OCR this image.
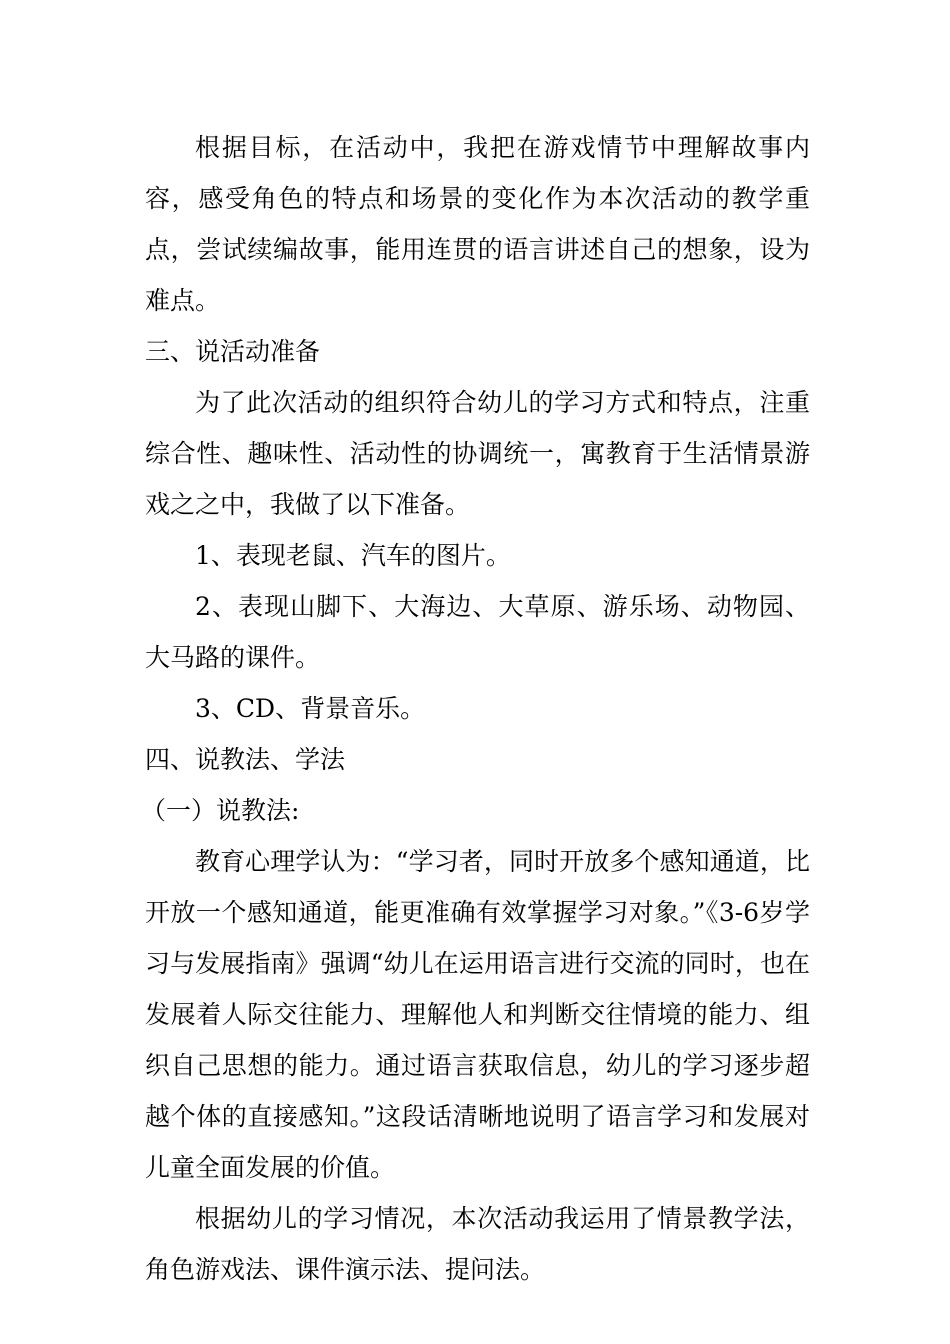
根据目标，在活动中，我把在游戏情节中理解故事内容，感受角色的特点和场景的变化作为本次活动的教学重点，尝试续编故事，能用连贯的语言讲述自己的想象，设为难点。

三、说活动准备

为了此次活动的组织符合幼儿的学习方式和特点，注重综合性、趣味性、活动性的协调统一，寓教育于生活情景游戏之之中，我做了以下准备。

1、表现老鼠、汽车的图片。

2、表现山脚下、大海边、大草原、游乐场、动物园、大马路的课件。

3、CD、背景音乐。

四、说教法、学法

（一）说教法:

教育心理学认为：“学习者，同时开放多个感知通道，比开放一个感知通道，能更准确有效掌握学习对象。”《3-6岁学习与发展指南》强调“幼儿在运用语言进行交流的同时，也在发展着人际交往能力、理解他人和判断交往情境的能力、组织自己思想的能力。通过语言获取信息，幼儿的学习逐步超越个体的直接感知。”这段话清晰地说明了语言学习和发展对儿童全面发展的价值。

根据幼儿的学习情况，本次活动我运用了情景教学法，角色游戏法、课件演示法、提问法。
